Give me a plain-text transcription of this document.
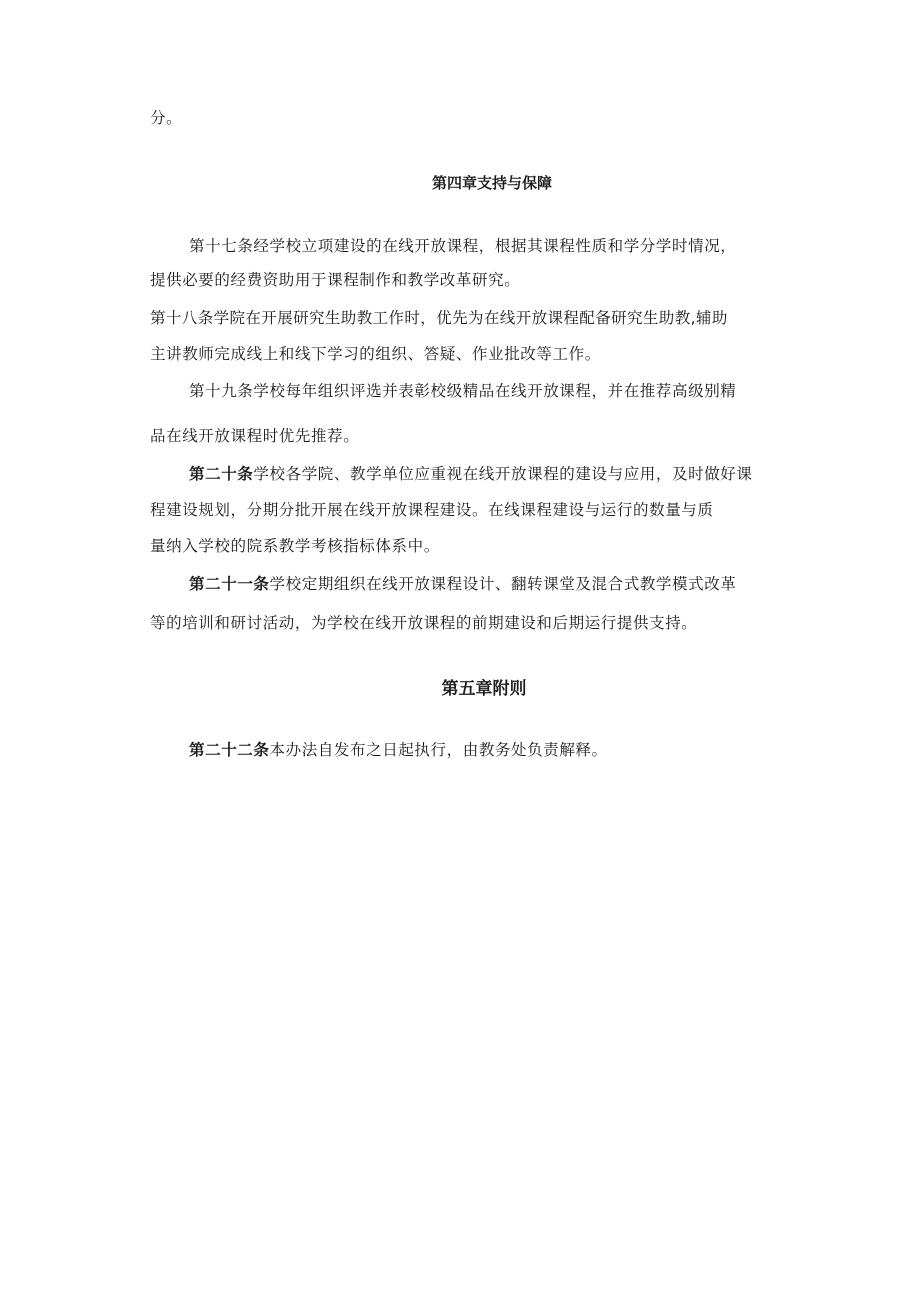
分。
第四章支持与保障
第十七条经学校立项建设的在线开放课程，根据其课程性质和学分学时情况，
提供必要的经费资助用于课程制作和教学改革研究。
第十八条学院在开展研究生助教工作时，优先为在线开放课程配备研究生助教,辅助
主讲教师完成线上和线下学习的组织、答疑、作业批改等工作。
第十九条学校每年组织评选并表彰校级精品在线开放课程，并在推荐高级别精
品在线开放课程时优先推荐。
第二十条学校各学院、教学单位应重视在线开放课程的建设与应用，及时做好课
程建设规划，分期分批开展在线开放课程建设。在线课程建设与运行的数量与质
量纳入学校的院系教学考核指标体系中。
第二十一条学校定期组织在线开放课程设计、翻转课堂及混合式教学模式改革
等的培训和研讨活动，为学校在线开放课程的前期建设和后期运行提供支持。
第五章附则
第二十二条本办法自发布之日起执行，由教务处负责解释。
